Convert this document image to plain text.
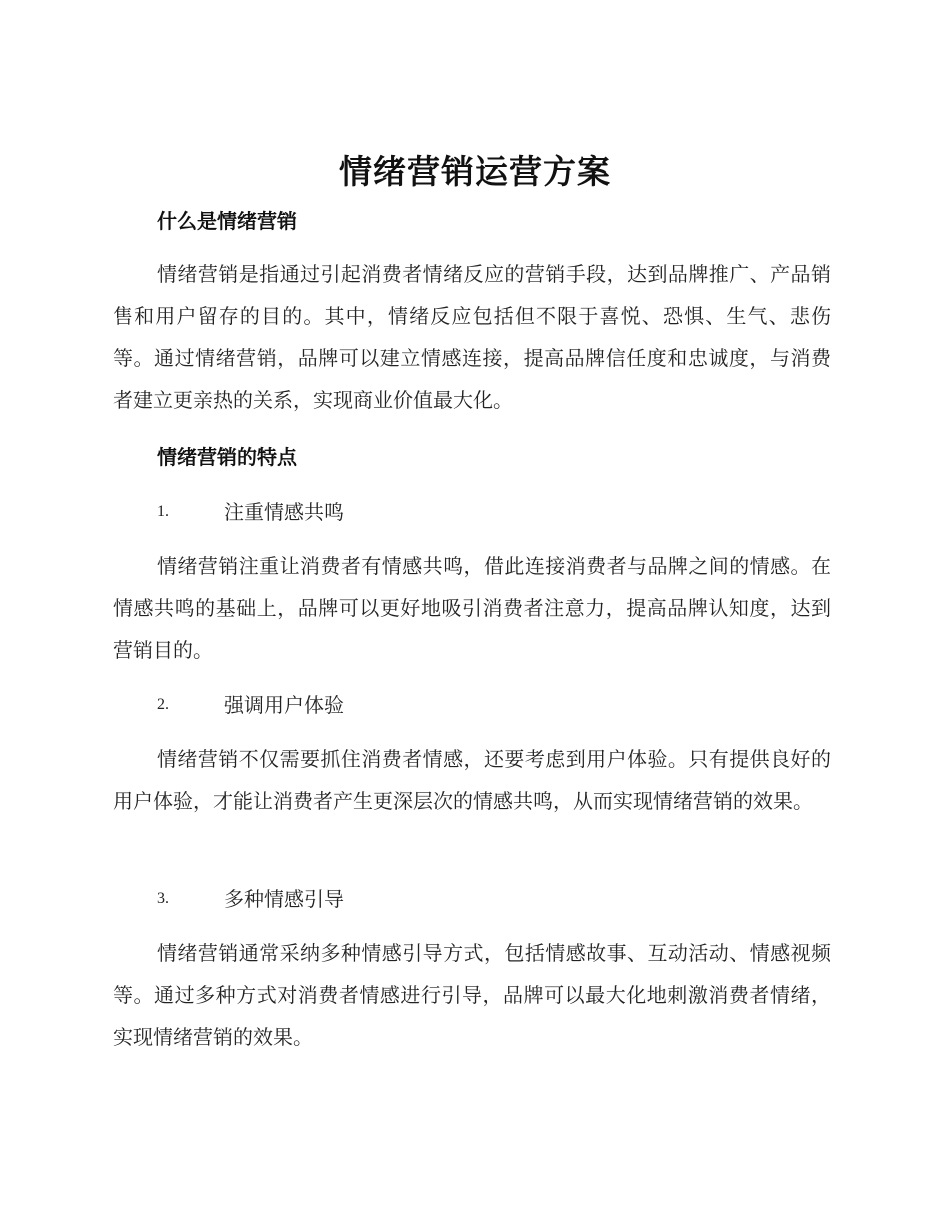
情绪营销运营方案
什么是情绪营销

情绪营销是指通过引起消费者情绪反应的营销手段，达到品牌推广、产品销售和用户留存的目的。其中，情绪反应包括但不限于喜悦、恐惧、生气、悲伤等。通过情绪营销，品牌可以建立情感连接，提高品牌信任度和忠诚度，与消费者建立更亲热的关系，实现商业价值最大化。

情绪营销的特点
1.	注重情感共鸣

情绪营销注重让消费者有情感共鸣，借此连接消费者与品牌之间的情感。在情感共鸣的基础上，品牌可以更好地吸引消费者注意力，提高品牌认知度，达到营销目的。

2.	强调用户体验

情绪营销不仅需要抓住消费者情感，还要考虑到用户体验。只有提供良好的用户体验，才能让消费者产生更深层次的情感共鸣，从而实现情绪营销的效果。

3.	多种情感引导

情绪营销通常采纳多种情感引导方式，包括情感故事、互动活动、情感视频等。通过多种方式对消费者情感进行引导，品牌可以最大化地刺激消费者情绪，实现情绪营销的效果。
